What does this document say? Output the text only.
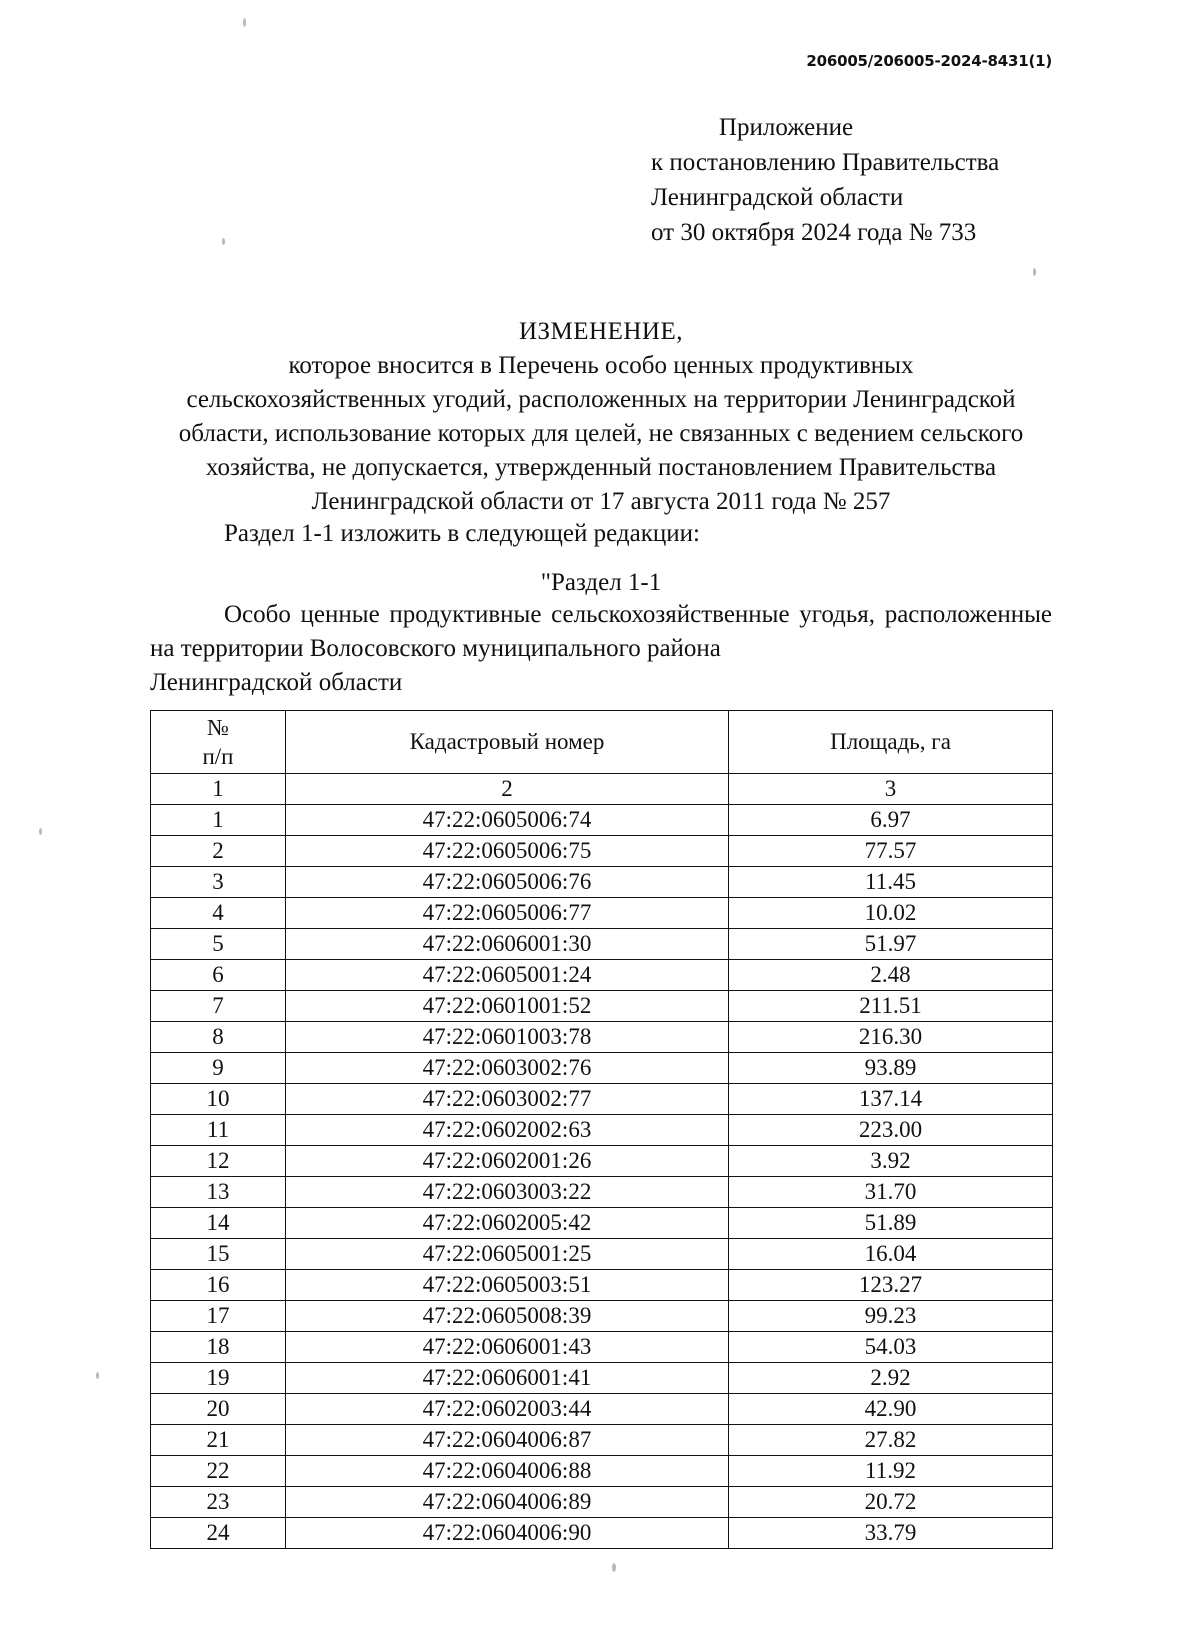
206005/206005-2024-8431(1)
Приложение
к постановлению Правительства
Ленинградской области
от 30 октября 2024 года № 733
ИЗМЕНЕНИЕ,
которое вносится в Перечень особо ценных продуктивных
сельскохозяйственных угодий, расположенных на территории Ленинградской
области, использование которых для целей, не связанных с ведением сельского
хозяйства, не допускается, утвержденный постановлением Правительства
Ленинградской области от 17 августа 2011 года № 257
Раздел 1-1 изложить в следующей редакции:
"Раздел 1-1
Особо ценные продуктивные сельскохозяйственные угодья, расположенные на территории Волосовского муниципального района
Ленинградской области
№
п/п	Кадастровый номер	Площадь, га
1	2	3
1	47:22:0605006:74	6.97
2	47:22:0605006:75	77.57
3	47:22:0605006:76	11.45
4	47:22:0605006:77	10.02
5	47:22:0606001:30	51.97
6	47:22:0605001:24	2.48
7	47:22:0601001:52	211.51
8	47:22:0601003:78	216.30
9	47:22:0603002:76	93.89
10	47:22:0603002:77	137.14
11	47:22:0602002:63	223.00
12	47:22:0602001:26	3.92
13	47:22:0603003:22	31.70
14	47:22:0602005:42	51.89
15	47:22:0605001:25	16.04
16	47:22:0605003:51	123.27
17	47:22:0605008:39	99.23
18	47:22:0606001:43	54.03
19	47:22:0606001:41	2.92
20	47:22:0602003:44	42.90
21	47:22:0604006:87	27.82
22	47:22:0604006:88	11.92
23	47:22:0604006:89	20.72
24	47:22:0604006:90	33.79
